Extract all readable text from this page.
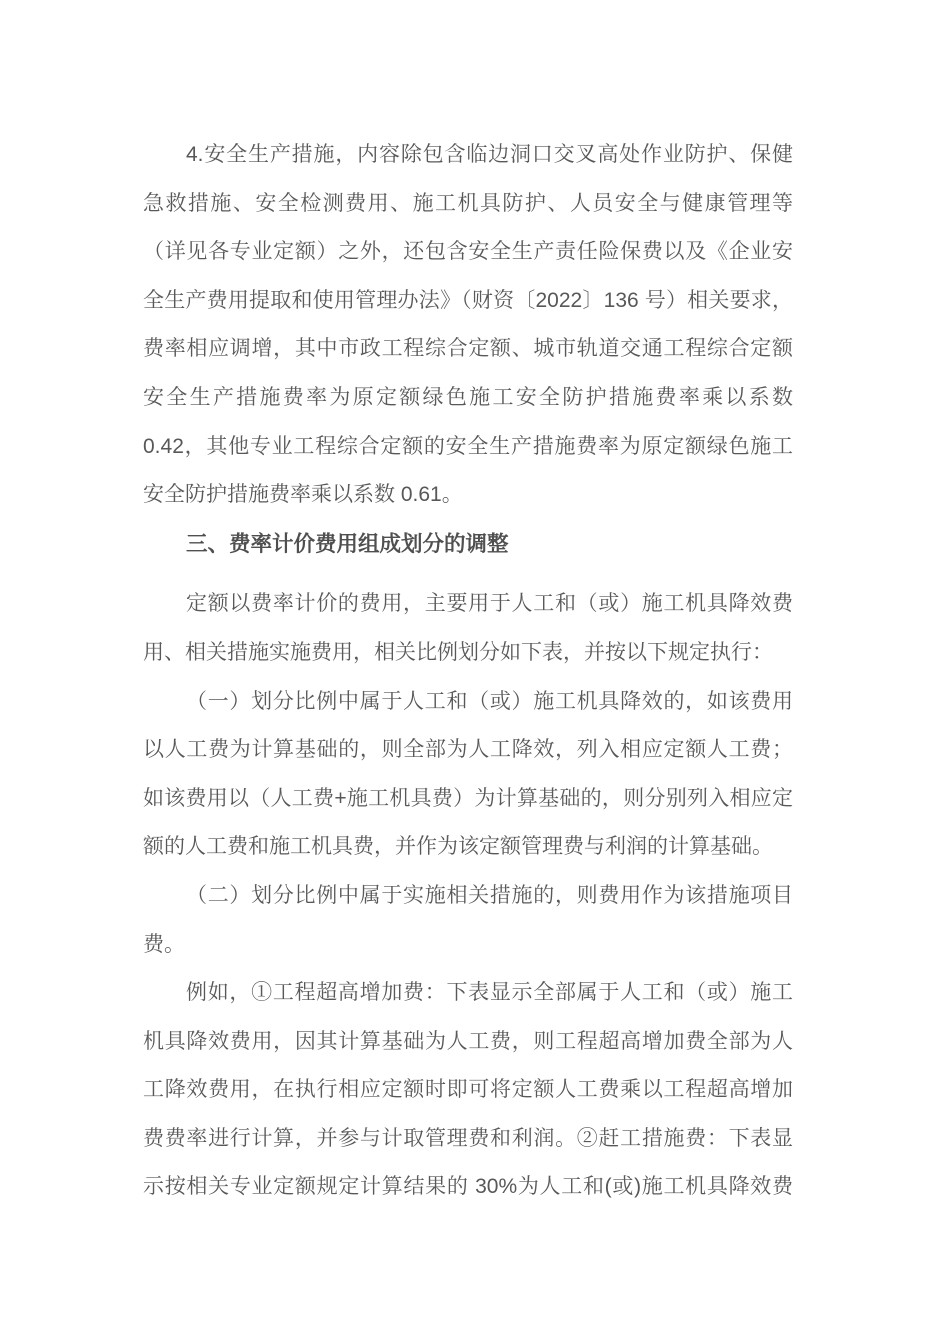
4.安全生产措施，内容除包含临边洞口交叉高处作业防护、保健
急救措施、安全检测费用、施工机具防护、人员安全与健康管理等
（详见各专业定额）之外，还包含安全生产责任险保费以及《企业安
全生产费用提取和使用管理办法》（财资〔2022〕136 号）相关要求，
费率相应调增，其中市政工程综合定额、城市轨道交通工程综合定额
安全生产措施费率为原定额绿色施工安全防护措施费率乘以系数
0.42，其他专业工程综合定额的安全生产措施费率为原定额绿色施工
安全防护措施费率乘以系数 0.61。

三、费率计价费用组成划分的调整

定额以费率计价的费用，主要用于人工和（或）施工机具降效费
用、相关措施实施费用，相关比例划分如下表，并按以下规定执行：

（一）划分比例中属于人工和（或）施工机具降效的，如该费用
以人工费为计算基础的，则全部为人工降效，列入相应定额人工费；
如该费用以（人工费+施工机具费）为计算基础的，则分别列入相应定
额的人工费和施工机具费，并作为该定额管理费与利润的计算基础。

（二）划分比例中属于实施相关措施的，则费用作为该措施项目
费。

例如，①工程超高增加费：下表显示全部属于人工和（或）施工
机具降效费用，因其计算基础为人工费，则工程超高增加费全部为人
工降效费用，在执行相应定额时即可将定额人工费乘以工程超高增加
费费率进行计算，并参与计取管理费和利润。②赶工措施费：下表显
示按相关专业定额规定计算结果的 30%为人工和(或)施工机具降效费
